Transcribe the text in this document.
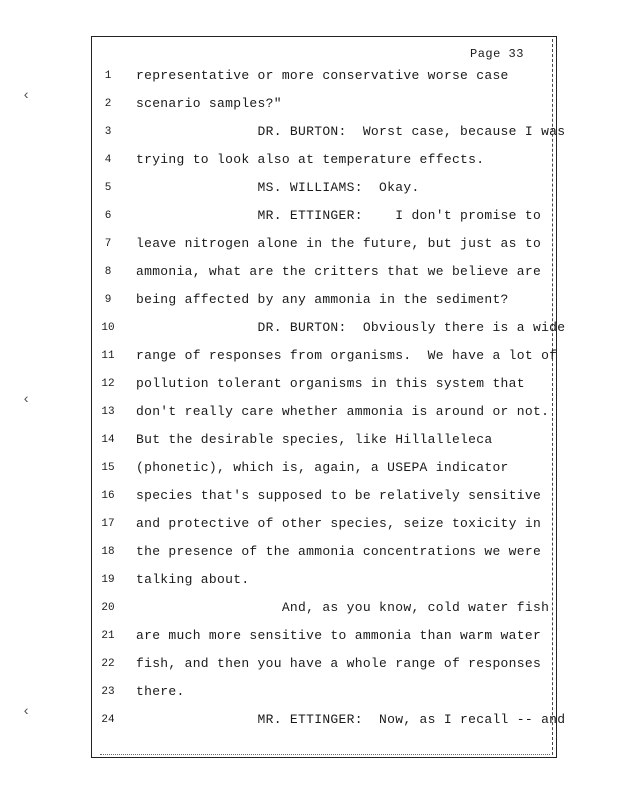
Page 33
‹
‹
‹
1	representative or more conservative worse case
2	scenario samples?"
3	DR. BURTON:  Worst case, because I was
4	trying to look also at temperature effects.
5	MS. WILLIAMS:  Okay.
6	MR. ETTINGER:    I don't promise to
7	leave nitrogen alone in the future, but just as to
8	ammonia, what are the critters that we believe are
9	being affected by any ammonia in the sediment?
10	DR. BURTON:  Obviously there is a wide
11	range of responses from organisms.  We have a lot of
12	pollution tolerant organisms in this system that
13	don't really care whether ammonia is around or not.
14	But the desirable species, like Hillalleleca
15	(phonetic), which is, again, a USEPA indicator
16	species that's supposed to be relatively sensitive
17	and protective of other species, seize toxicity in
18	the presence of the ammonia concentrations we were
19	talking about.
20	And, as you know, cold water fish
21	are much more sensitive to ammonia than warm water
22	fish, and then you have a whole range of responses
23	there.
24	MR. ETTINGER:  Now, as I recall -- and
